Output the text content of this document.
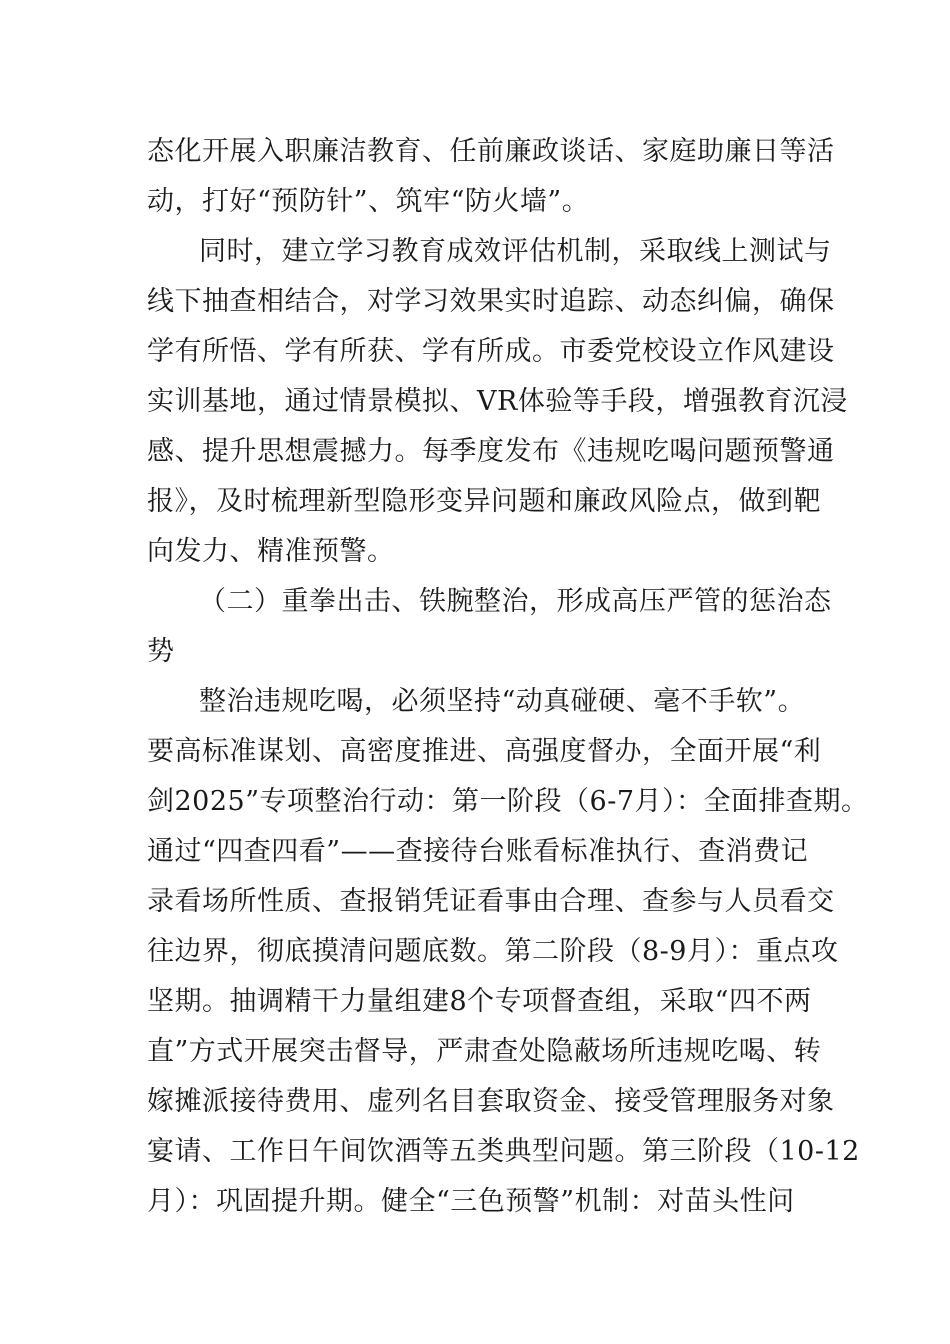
态化开展入职廉洁教育、任前廉政谈话、家庭助廉日等活
动，打好“预防针”、筑牢“防火墙”。
同时，建立学习教育成效评估机制，采取线上测试与
线下抽查相结合，对学习效果实时追踪、动态纠偏，确保
学有所悟、学有所获、学有所成。市委党校设立作风建设
实训基地，通过情景模拟、VR体验等手段，增强教育沉浸
感、提升思想震撼力。每季度发布《违规吃喝问题预警通
报》，及时梳理新型隐形变异问题和廉政风险点，做到靶
向发力、精准预警。
（二）重拳出击、铁腕整治，形成高压严管的惩治态
势
整治违规吃喝，必须坚持“动真碰硬、毫不手软”。
要高标准谋划、高密度推进、高强度督办，全面开展“利
剑2025”专项整治行动：第一阶段（6-7月）：全面排查期。
通过“四查四看”——查接待台账看标准执行、查消费记
录看场所性质、查报销凭证看事由合理、查参与人员看交
往边界，彻底摸清问题底数。第二阶段（8-9月）：重点攻
坚期。抽调精干力量组建8个专项督查组，采取“四不两
直”方式开展突击督导，严肃查处隐蔽场所违规吃喝、转
嫁摊派接待费用、虚列名目套取资金、接受管理服务对象
宴请、工作日午间饮酒等五类典型问题。第三阶段（10-12
月）：巩固提升期。健全“三色预警”机制：对苗头性问
